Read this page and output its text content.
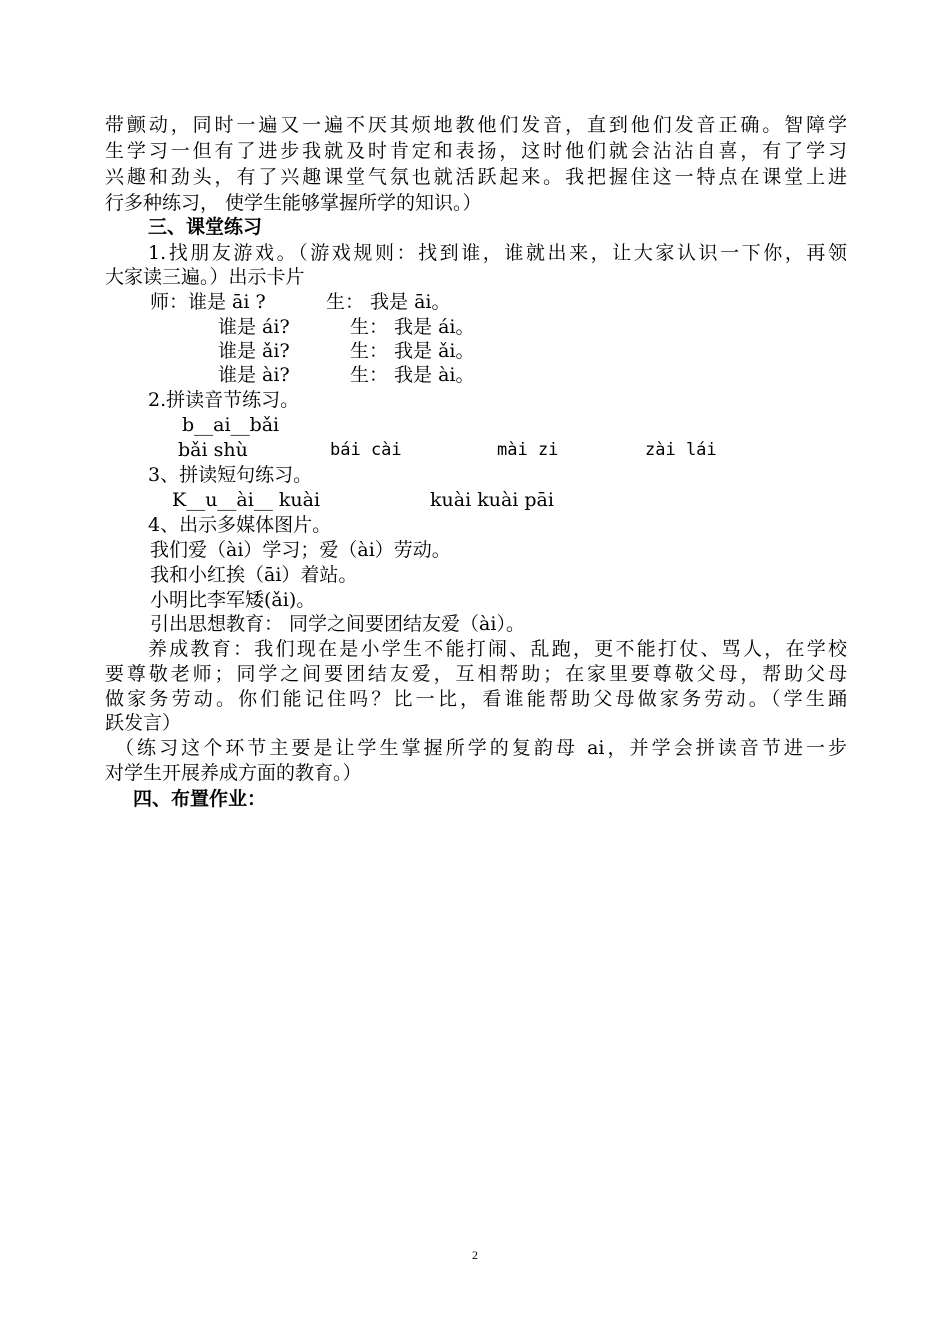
带颤动，同时一遍又一遍不厌其烦地教他们发音，直到他们发音正确。智障学
生学习一但有了进步我就及时肯定和表扬，这时他们就会沾沾自喜，有了学习
兴趣和劲头，有了兴趣课堂气氛也就活跃起来。我把握住这一特点在课堂上进
行多种练习， 使学生能够掌握所学的知识。）
三、课堂练习
1.找朋友游戏。（游戏规则：找到谁，谁就出来，让大家认识一下你，再领
大家读三遍。）出示卡片
师：谁是 āi ?	生： 我是 āi。
谁是 ái?	生： 我是 ái。
谁是 ǎi?	生： 我是 ǎi。
谁是 ài?	生： 我是 ài。
2.拼读音节练习。
b__ai__bǎi
bǎi shù	bái cài	mài zi	zài lái
3、拼读短句练习。
K__u__ài__ kuài	kuài kuài pāi
4、出示多媒体图片。
我们爱（ài）学习；爱（ài）劳动。
我和小红挨（āi）着站。
小明比李军矮(ǎi)。
引出思想教育： 同学之间要团结友爱（ài）。
养成教育：我们现在是小学生不能打闹、乱跑，更不能打仗、骂人，在学校
要尊敬老师；同学之间要团结友爱，互相帮助；在家里要尊敬父母，帮助父母
做家务劳动。你们能记住吗？比一比，看谁能帮助父母做家务劳动。（学生踊
跃发言）
（练习这个环节主要是让学生掌握所学的复韵母 ai，并学会拼读音节进一步
对学生开展养成方面的教育。）
四、布置作业：
2
